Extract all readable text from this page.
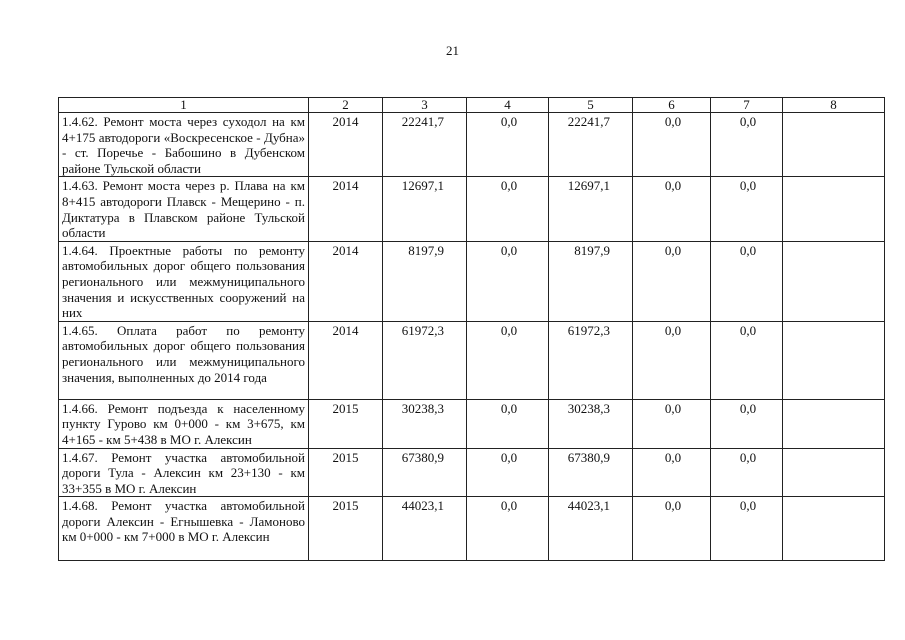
21
1	2	3	4	5	6	7	8
1.4.62. Ремонт моста через суходол на км 4+175 автодороги «Воскресенское - Дубна» - ст. Поречье - Бабошино в Дубенском районе Тульской области	2014	22241,7	0,0	22241,7	0,0	0,0	
1.4.63. Ремонт моста через р. Плава на км 8+415 автодороги Плавск - Мещерино - п. Диктатура в Плавском районе Тульской области	2014	12697,1	0,0	12697,1	0,0	0,0	
1.4.64. Проектные работы по ремонту автомобильных дорог общего пользования регионального или межмуниципального значения и искусственных сооружений на них	2014	8197,9	0,0	8197,9	0,0	0,0	
1.4.65. Оплата работ по ремонту автомобильных дорог общего пользования регионального или межмуниципального значения, выполненных до 2014 года	2014	61972,3	0,0	61972,3	0,0	0,0	
1.4.66. Ремонт подъезда к населенному пункту Гурово км 0+000 - км 3+675, км 4+165 - км 5+438 в МО г. Алексин	2015	30238,3	0,0	30238,3	0,0	0,0	
1.4.67. Ремонт участка автомобильной дороги Тула - Алексин км 23+130 - км 33+355 в МО г. Алексин	2015	67380,9	0,0	67380,9	0,0	0,0	
1.4.68. Ремонт участка автомобильной дороги Алексин - Егнышевка - Ламоново км 0+000 - км 7+000 в МО г. Алексин	2015	44023,1	0,0	44023,1	0,0	0,0	
